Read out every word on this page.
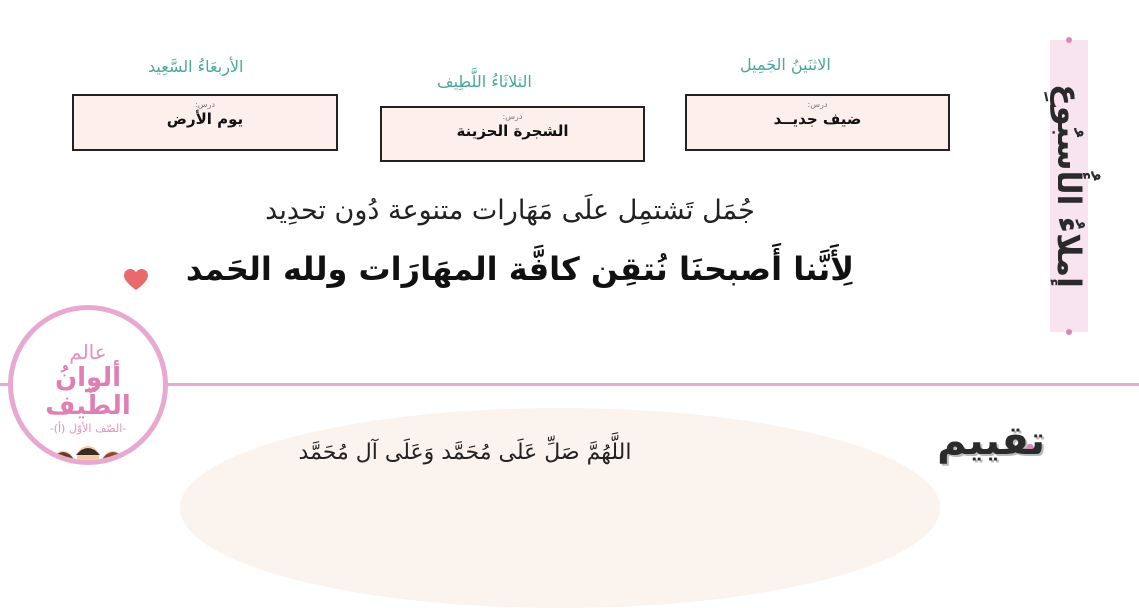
إملاءُ الأُسبُوعِ
الاثنَينُ الجَمِيل
درس:
ضيف جديــد
الثلاثَاءُ اللَّطِيف
درس:
الشجرة الحزينة
الأربعَاءُ السَّعِيد
درس:
يوم الأرض
جُمَل تَشتمِل علَى مَهَارات متنوعة دُون تحدِيد
لِأَنَّنا أَصبحنَا نُتقِن كافَّة المهَارَات ولله الحَمد
اللَّهُمَّ صَلِّ عَلَى مُحَمَّد وَعَلَى آل مُحَمَّد	تقييم
عالم
ألوانُ الطَّيف
-الصّف الأوّل (أ)-
